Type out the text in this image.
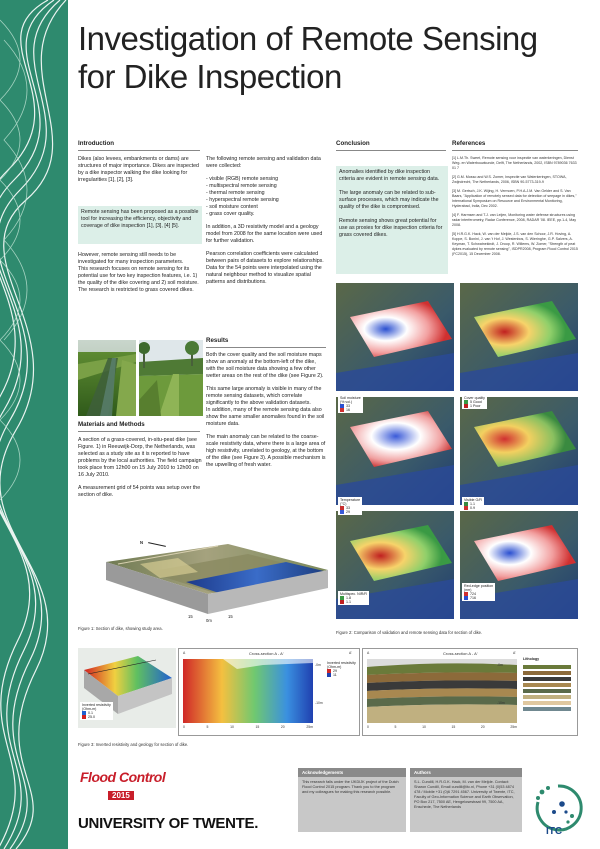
Investigation of Remote Sensing for Dike Inspection
Introduction

Dikes (also levees, embankments or dams) are structures of major importance. Dikes are inspected by a dike inspector walking the dike looking for irregularities [1], [2], [3].

Remote sensing has been proposed as a possible tool for increasing the efficiency, objectivity and coverage of dike inspection [1], [3], [4] [5].

However, remote sensing still needs to be investigated for many inspection parameters.

This research focuses on remote sensing for its potential use for two key inspection features, i.e. 1) the quality of the dike covering and 2) soil moisture.

The research is restricted to grass covered dikes.

Materials and Methods

A section of a grass-covered, in-situ-peat dike (see Figure. 1) in Reeuwijk-Dorp, the Netherlands, was selected as a study site as it is reported to have problems by the local authorities. The field campaign took place from 12h00 on 15 July 2010 to 12h00 on 16 July 2010.

A measurement grid of 54 points was setup over the section of dike.

The following remote sensing and validation data were collected:

- visible (RGB) remote sensing
- multispectral remote sensing
- thermal remote sensing
- hyperspectral remote sensing
- soil moisture content
- grass cover quality.

In addition, a 3D resistivity model and a geology model from 2008 for the same location were used for further validation.

Pearson correlation coefficients were calculated between pairs of datasets to explore relationships. Data for the 54 points were interpolated using the natural neighbour method to visualize spatial patterns and distributions.

Results

Both the cover quality and the soil moisture maps show an anomaly at the bottom-left of the dike, with the soil moisture data showing a few other wetter areas on the rest of the dike (see Figure 2).

This same large anomaly is visible in many of the remote sensing datasets, which correlate significantly to the above validation datasets.

In addition, many of the remote sensing data also show the same smaller anomalies found in the soil moisture data.

The main anomaly can be related to the coarse-scale resistivity data, where there is a large area of high resistivity, unrelated to geology, at the bottom of the dike (see Figure 3). A possible mechanism is the upwelling of fresh water.

Conclusion

Anomalies identified by dike inspection criteria are evident in remote sensing data.

The large anomaly can be related to sub-surface processes, which may indicate the quality of the dike is compromised.

Remote sensing shows great potential for use as proxies for dike inspection criteria for grass covered dikes.

References

[1] L.M.Th. Sweet, Remote sensing voor inspectie van waterkeringen, Dienst Weg- en Waterbouwkunde, Delft, The Netherlands, 2002, ISBN 9789036 7633 01 7

[2] G.M. Mosso and W.S. Zomer, Inspectie van Waterkeringen, STOWA, Zwijndrecht, The Netherlands, 2006, ISBN 90-5773-319-9

[3] M. Gertsch, J.K. Wijing, H. Vermoen, P.H.A.J.M. Van Gelder and S. Van Baars, "Application of remotely sensed data for detection of seepage in dikes," International Symposium on Resource and Environmental Monitoring, Hyderabad, India, Dec 2002.

[4] F. Harmsen and T.J. van Leijen, Monitoring water defense structures using radar interferometry, Radar Conference, 2008, RADAR '08. IEEE, pp.1-4, May 2008.

[5] H.R.G.K. Hack, W. van der Meijde, J.S. van den Schoor, J.R. Hoving, A. Koppe, S. Bonini, J. van 't Hof, J. Westenbos, S. Wieringhe, G.P. Salvers, A. Keyman, T. Schwatnekindt, J. Droop, R. Willems, W. Zomer, "Strength of peat dykes evaluated by remote sensing", ISDPR2008, Program Flood Control 2015 (FC2015), 15 December 2008.

N
15
0m
15
Figure 1: Section of dike, showing study area.
Soil moisture
(% vol.)
33
16
Cover quality
5 Good
1 Poor
Temperature
(°C)
33
29
Visible G/R
1.1
0.9
Multispec. NIR/R
1.8
1.1
Red-edge position
(nm)
724
716
Figure 2: Comparison of validation and remote sensing data for section of dike.
Inverted resistivity
(Ohm-m)
0.1
25.0
Cross-section A - A'
A	A'
-0m
-10m
Inverted resistivity
(Ohm-m)
29
11
0	5	10	15	20	25m
Cross-section A - A'
A	A'
-0m
-10m
Lithology
0	5	10	15	20	25m
Figure 3: Inverted resistivity and geology for section of dike.
Flood Control
2015
UNIVERSITY OF TWENTE.
Acknowledgements
This research falls under the IJKDIJK project of the Dutch Flood Control 2015 program. Thank you to the program and my colleagues for making this research possible.
Authors
S.L. Cundill, H.R.G.K. Hack, M. van der Meijde. Contact: Sharon Cundill, Email cundill@itc.nl, Phone +31 (0)53 4874 478 / Mobile +31 (0)6 7291 4567. University of Twente, ITC, Faculty of Geo-Information Science and Earth Observation, PO Box 217, 7500 AE, Hengelosestraat 99, 7500 AA, Enschede, The Netherlands
ITC
